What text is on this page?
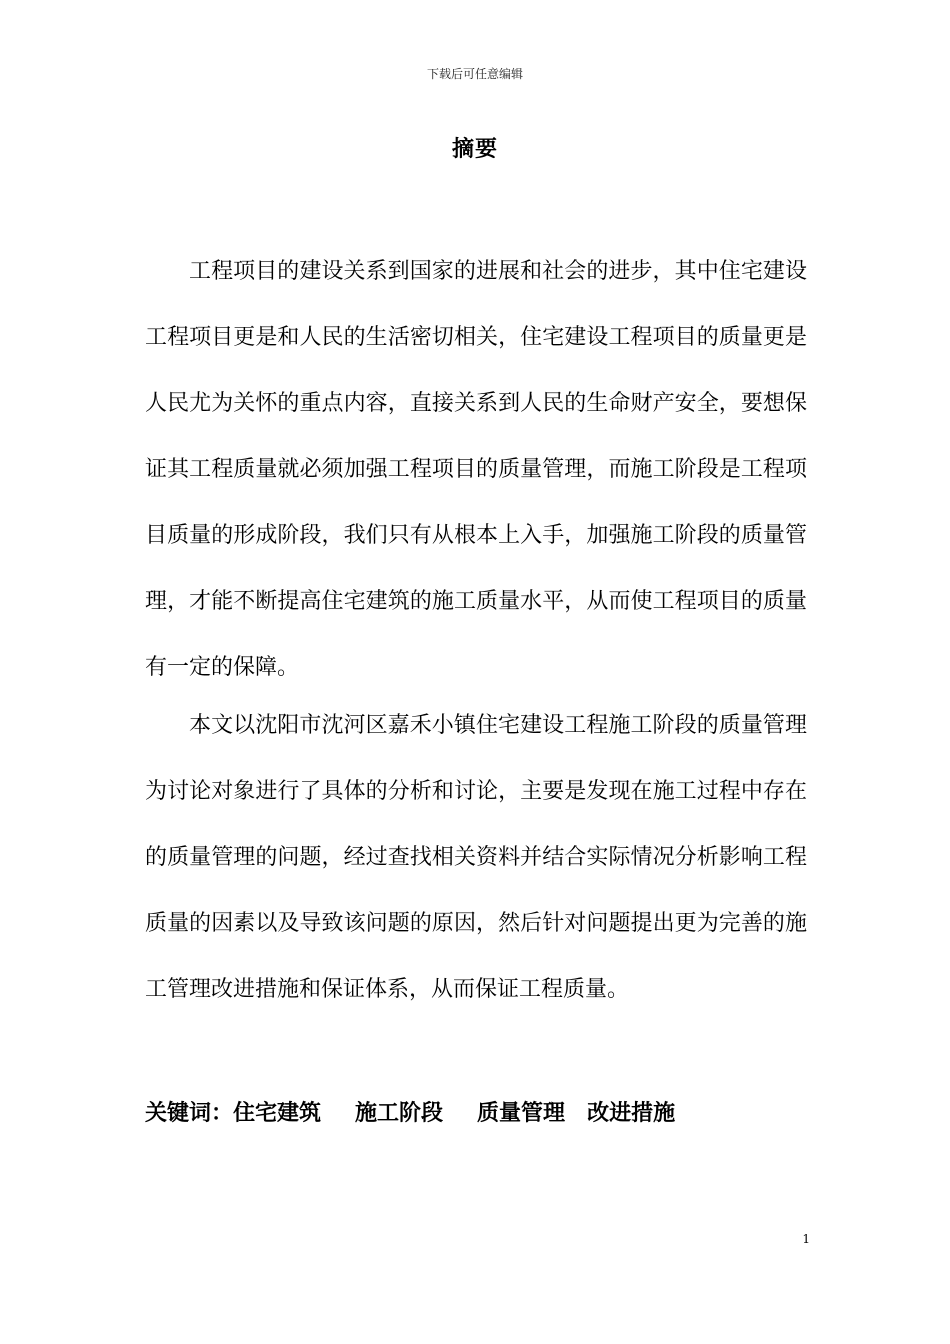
下载后可任意编辑
摘要

工程项目的建设关系到国家的进展和社会的进步，其中住宅建设工程项目更是和人民的生活密切相关，住宅建设工程项目的质量更是人民尤为关怀的重点内容，直接关系到人民的生命财产安全，要想保证其工程质量就必须加强工程项目的质量管理，而施工阶段是工程项目质量的形成阶段，我们只有从根本上入手，加强施工阶段的质量管理，才能不断提高住宅建筑的施工质量水平，从而使工程项目的质量有一定的保障。

本文以沈阳市沈河区嘉禾小镇住宅建设工程施工阶段的质量管理为讨论对象进行了具体的分析和讨论，主要是发现在施工过程中存在的质量管理的问题，经过查找相关资料并结合实际情况分析影响工程质量的因素以及导致该问题的原因，然后针对问题提出更为完善的施工管理改进措施和保证体系，从而保证工程质量。

关键词：住宅建筑 施工阶段 质量管理 改进措施
1
